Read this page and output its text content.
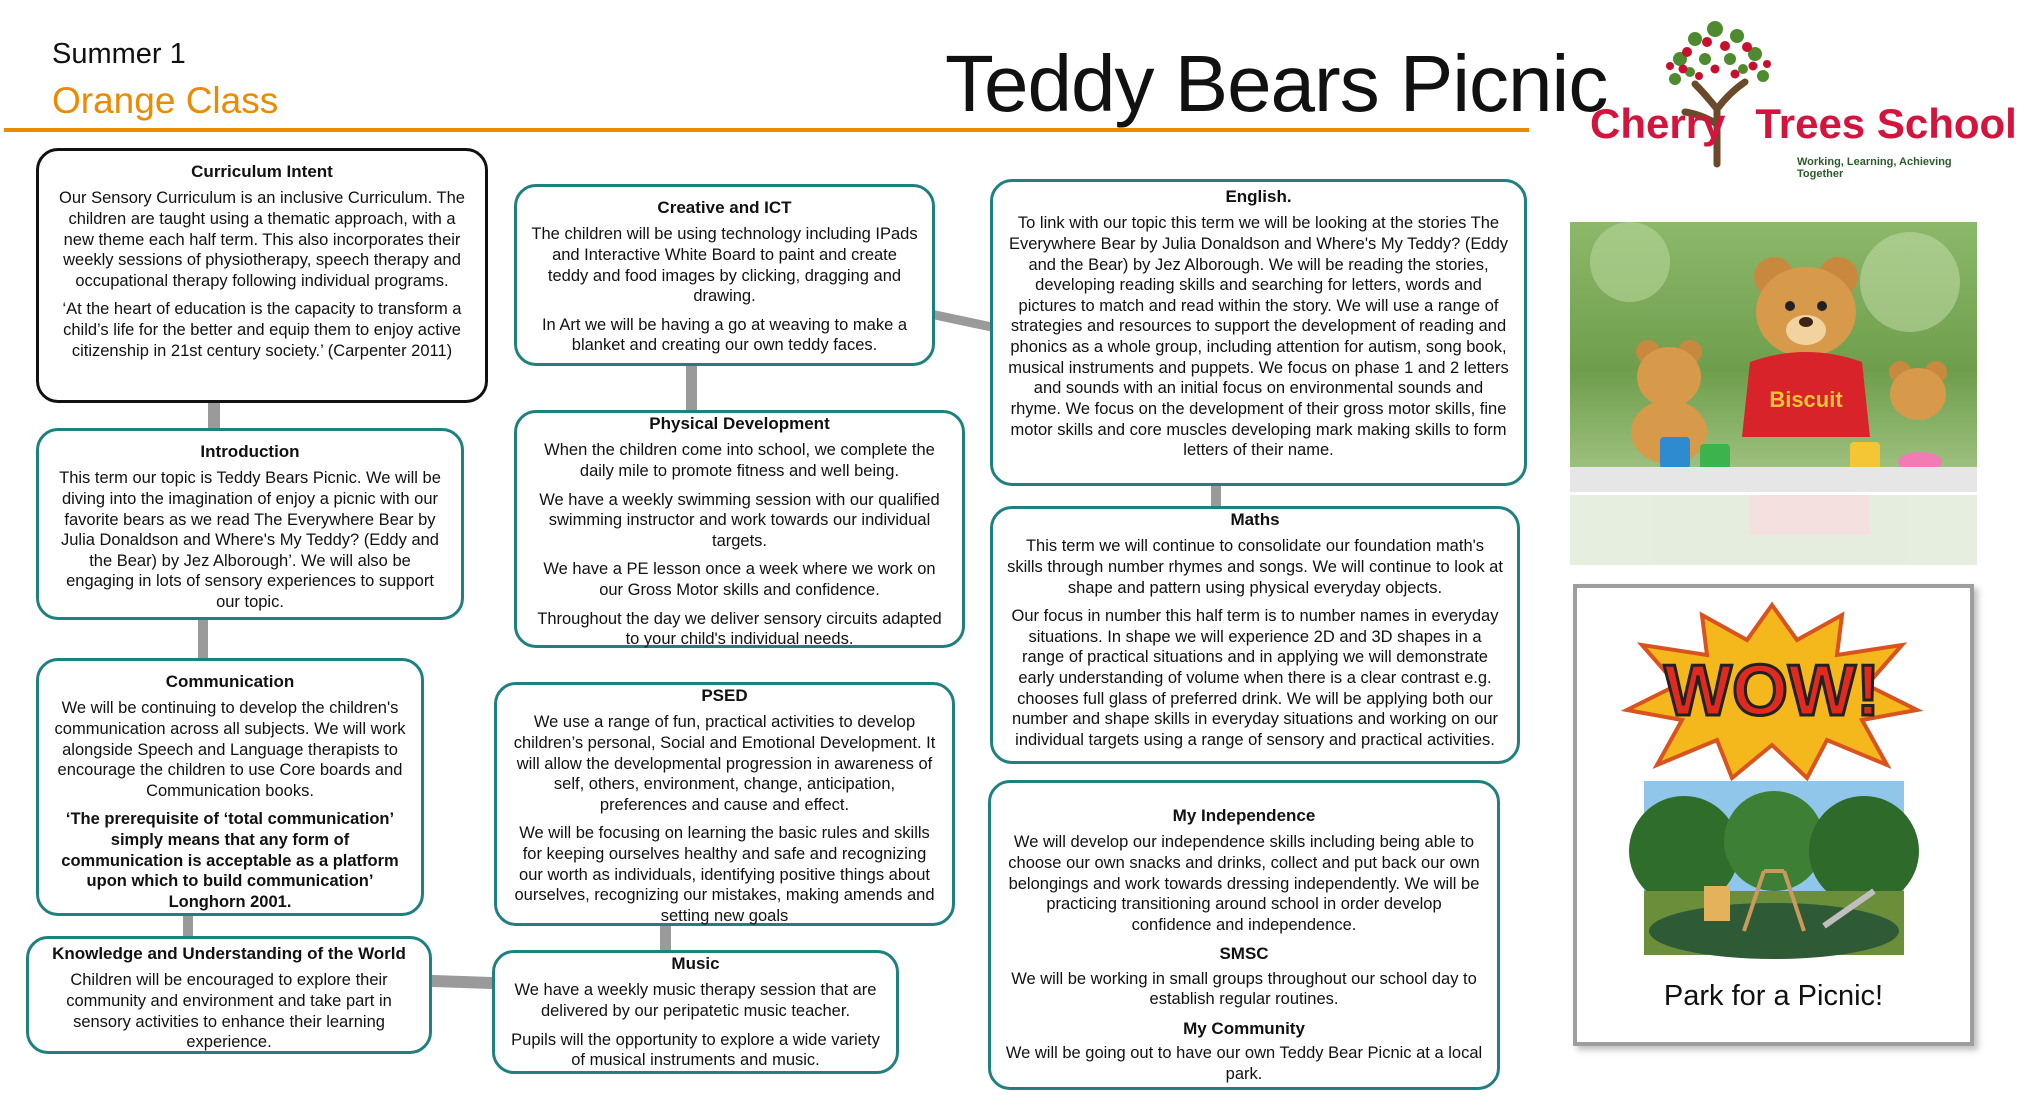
Summer 1
Orange Class	Teddy Bears Picnic
Cherry Trees School
Working, Learning, Achieving Together
Curriculum Intent

Our Sensory Curriculum is an inclusive Curriculum. The children are taught using a thematic approach, with a new theme each half term. This also incorporates their weekly sessions of physiotherapy, speech therapy and occupational therapy following individual programs.

‘At the heart of education is the capacity to transform a child’s life for the better and equip them to enjoy active citizenship in 21st century society.’ (Carpenter 2011)

Introduction

This term our topic is Teddy Bears Picnic. We will be diving into the imagination of enjoy a picnic with our favorite bears as we read The Everywhere Bear by Julia Donaldson and Where's My Teddy? (Eddy and the Bear) by Jez Alborough’. We will also be engaging in lots of sensory experiences to support our topic.

Communication

We will be continuing to develop the children's communication across all subjects. We will work alongside Speech and Language therapists to encourage the children to use Core boards and Communication books.

‘The prerequisite of ‘total communication’ simply means that any form of communication is acceptable as a platform upon which to build communication’ Longhorn 2001.

Knowledge and Understanding of the World

Children will be encouraged to explore their community and environment and take part in sensory activities to enhance their learning experience.

Creative and ICT

The children will be using technology including IPads and Interactive White Board to paint and create teddy and food images by clicking, dragging and drawing.

In Art we will be having a go at weaving to make a blanket and creating our own teddy faces.

Physical Development

When the children come into school, we complete the daily mile to promote fitness and well being.

We have a weekly swimming session with our qualified swimming instructor and work towards our individual targets.

We have a PE lesson once a week where we work on our Gross Motor skills and confidence.

Throughout the day we deliver sensory circuits adapted to your child's individual needs.

PSED

We use a range of fun, practical activities to develop children’s personal, Social and Emotional Development. It will allow the developmental progression in awareness of self, others, environment, change, anticipation, preferences and cause and effect.

We will be focusing on learning the basic rules and skills for keeping ourselves healthy and safe and recognizing our worth as individuals, identifying positive things about ourselves, recognizing our mistakes, making amends and setting new goals

Music

We have a weekly music therapy session that are delivered by our peripatetic music teacher.

Pupils will the opportunity to explore a wide variety of musical instruments and music.

English.

To link with our topic this term we will be looking at the stories The Everywhere Bear by Julia Donaldson and Where's My Teddy? (Eddy and the Bear) by Jez Alborough. We will be reading the stories, developing reading skills and searching for letters, words and pictures to match and read within the story. We will use a range of strategies and resources to support the development of reading and phonics as a whole group, including attention for autism, song book, musical instruments and puppets. We focus on phase 1 and 2 letters and sounds with an initial focus on environmental sounds and rhyme. We focus on the development of their gross motor skills, fine motor skills and core muscles developing mark making skills to form letters of their name.

Maths

This term we will continue to consolidate our foundation math's skills through number rhymes and songs. We will continue to look at shape and pattern using physical everyday objects.

Our focus in number this half term is to number names in everyday situations. In shape we will experience 2D and 3D shapes in a range of practical situations and in applying we will demonstrate early understanding of volume when there is a clear contrast e.g. chooses full glass of preferred drink. We will be applying both our number and shape skills in everyday situations and working on our individual targets using a range of sensory and practical activities.

My Independence

We will develop our independence skills including being able to choose our own snacks and drinks, collect and put back our own belongings and work towards dressing independently. We will be practicing transitioning around school in order develop confidence and independence.

SMSC

We will be working in small groups throughout our school day to establish regular routines.

My Community

We will be going out to have our own Teddy Bear Picnic at a local park.

Biscuit
WOW!
Park for a Picnic!
